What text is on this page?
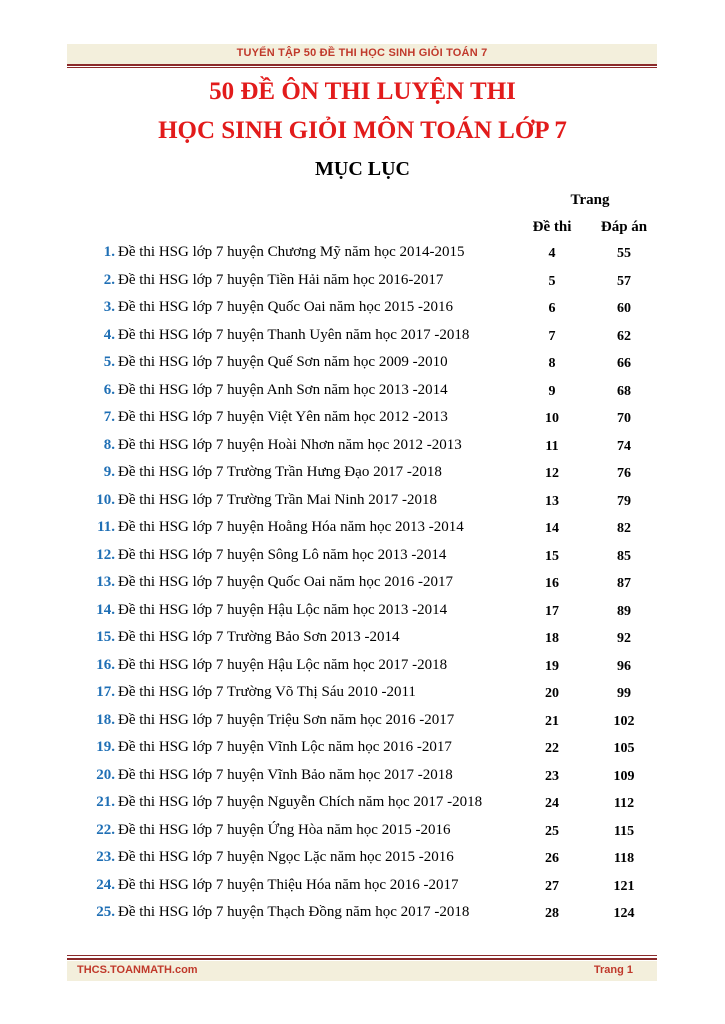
TUYỂN TẬP 50 ĐỀ THI HỌC SINH GIỎI TOÁN 7
50 ĐỀ ÔN THI LUYỆN THI
HỌC SINH GIỎI MÔN TOÁN LỚP 7
MỤC LỤC
Trang
Đề thi	Đáp án
1. Đề thi HSG lớp 7 huyện Chương Mỹ năm học 2014-2015	4	55
2. Đề thi HSG lớp 7 huyện Tiền Hải năm học 2016-2017	5	57
3. Đề thi HSG lớp 7 huyện Quốc Oai năm học 2015 -2016	6	60
4. Đề thi HSG lớp 7 huyện Thanh Uyên năm học 2017 -2018	7	62
5. Đề thi HSG lớp 7 huyện Quế Sơn năm học 2009 -2010	8	66
6. Đề thi HSG lớp 7 huyện Anh Sơn năm học 2013 -2014	9	68
7. Đề thi HSG lớp 7 huyện Việt Yên năm học 2012 -2013	10	70
8. Đề thi HSG lớp 7 huyện Hoài Nhơn năm học 2012 -2013	11	74
9. Đề thi HSG lớp 7 Trường Trần Hưng Đạo 2017 -2018	12	76
10. Đề thi HSG lớp 7 Trường Trần Mai Ninh 2017 -2018	13	79
11. Đề thi HSG lớp 7 huyện Hoằng Hóa năm học 2013 -2014	14	82
12. Đề thi HSG lớp 7 huyện Sông Lô năm học 2013 -2014	15	85
13. Đề thi HSG lớp 7 huyện Quốc Oai năm học 2016 -2017	16	87
14. Đề thi HSG lớp 7 huyện Hậu Lộc năm học 2013 -2014	17	89
15. Đề thi HSG lớp 7 Trường Bảo Sơn 2013 -2014	18	92
16. Đề thi HSG lớp 7 huyện Hậu Lộc năm học 2017 -2018	19	96
17. Đề thi HSG lớp 7 Trường Võ Thị Sáu 2010 -2011	20	99
18. Đề thi HSG lớp 7 huyện Triệu Sơn năm học 2016 -2017	21	102
19. Đề thi HSG lớp 7 huyện Vĩnh Lộc năm học 2016 -2017	22	105
20. Đề thi HSG lớp 7 huyện Vĩnh Bảo năm học 2017 -2018	23	109
21. Đề thi HSG lớp 7 huyện Nguyễn Chích năm học 2017 -2018	24	112
22. Đề thi HSG lớp 7 huyện Ứng Hòa năm học 2015 -2016	25	115
23. Đề thi HSG lớp 7 huyện Ngọc Lặc năm học 2015 -2016	26	118
24. Đề thi HSG lớp 7 huyện Thiệu Hóa năm học 2016 -2017	27	121
25. Đề thi HSG lớp 7 huyện Thạch Đồng năm học 2017 -2018	28	124
THCS.TOANMATH.com	Trang 1
